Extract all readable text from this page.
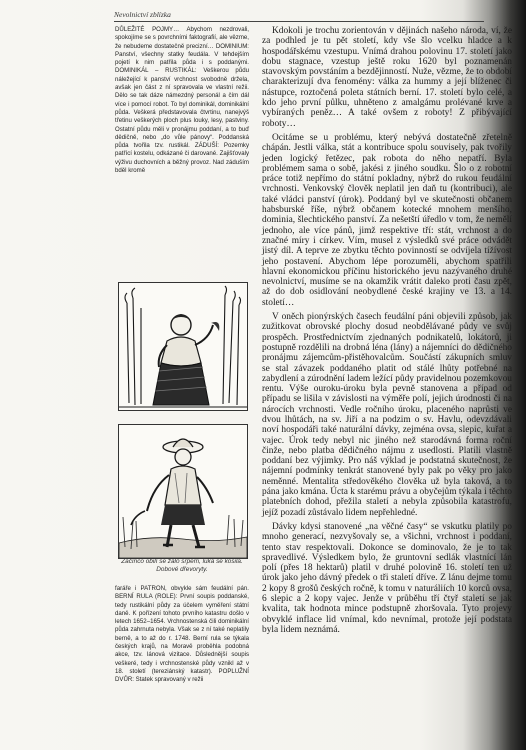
Nevolnictví zblízka

DŮLEŽITÉ POJMY… Abychom nezdrovali, spokojíme se s povrchními faktografií, ale vězme, že nebudeme dostatečně precizní… DOMINIUM: Panství, všechny statky feudála. V tehdejším pojetí k nim patřila půda i s poddanými. DOMINIKÁL – RUSTIKÁL: Veškerou půdu náležející k panství vrchnost svobodně držela, avšak jen část z ní spravovala ve vlastní režii. Dělo se tak dáze námezdný personál a čím dál více i pomocí robot. To byl dominikál, dominikální půda. Veškerá představovala čtvrtinu, nanejvýš třetinu veškerých ploch plus louky, lesy, pastviny. Ostatní půdu měli v pronájmu poddaní, a to buď dědičně, nebo „do vůle pánovy“. Poddanská půda tvořila tzv. rustikál. ZÁDUŠÍ: Pozemky patřící kostelu, odkázané či darované. Zajišťovaly výživu duchovních a běžný provoz. Nad záduším bděl kromě

Začínco obilí se žalo srpem, luka se kosila. Dobové dřevoryty.

faráře i PATRON, obvykle sám feudální pán. BERNÍ RULA (ROLE): První soupis poddanské, tedy rustikální půdy za účelem vyměření státní daně. K pořízení tohoto prvního katastru došlo v letech 1652–1654. Vrchnostenská čili dominikální půda zahrnuta nebyla. Však se z ní také neplatily berně, a to až do r. 1748. Berní rula se týkala českých krajů, na Moravě proběhla podobná akce, tzv. lánová vizitace. Důslednější soupis veškeré, tedy i vrchnostenské půdy vznikl až v 18. století (tereziánský katastr). POPLUŽNÍ DVŮR: Statek spravovaný v režii

Kdokoli je trochu zorientován v dějinách našeho národa, ví, že za podhled je tu pět století, kdy vše šlo vcelku hladce a k hospodářskému vzestupu. Vnímá drahou polovinu 17. století jako dobu stagnace, vzestup ještě roku 1620 byl poznamenán stavovským povstáním a bezdějinností. Nuže, vězme, že to období charakterizují dva fenomény: válka za hummy a její blíženec či nástupce, roztočená poleta státních berní. 17. století bylo celé, a kdo jeho první půlku, uhněteno z amalgámu prolévané krve a vybíraných peněz… A také ovšem z roboty! Z přibývající roboty…

Ocitáme se u problému, který nebývá dostatečně zřetelně chápán. Jestli válka, stát a kontribuce spolu souvisely, pak tvořily jeden logický řetězec, pak robota do něho nepatří. Byla problémem sama o sobě, jakési z jiného soudku. Šlo o z robotní práce totiž nepřímo do státní pokladny, nýbrž do rukou feudální vrchnosti. Venkovský člověk neplatil jen daň tu (kontribuci), ale také vládci panství (úrok). Poddaný byl ve skutečnosti občanem habsburské říše, nýbrž občanem kotecké mnohem menšího, dominia, šlechtického panství. Za nešetští úředlo v tom, že nemělí jednoho, ale více pánů, jimž respektive tří: stát, vrchnost a do značné míry i církev. Vím, musel z výsledků své práce odvádět jistý díl. A teprve ze zbytku těchto povinností se odvíjela tížívost jeho postavení. Abychom lépe porozuměli, abychom spatřili hlavní ekonomickou příčinu historického jevu nazývaného druhé nevolnictví, musíme se na okamžik vrátit daleko proti času zpět, až do dob osidlování neobydlené české krajiny ve 13. a 14. století…

V oněch pionýrských časech feudální páni objevili způsob, jak zužitkovat obrovské plochy dosud neobdělávané půdy ve svůj prospěch. Prostřednictvím zjednaných podnikatelů, lokátorů, ji postupně rozdělili na drobná léna (lány) a nájemníci do dědičného pronájmu zájemcům-přistěhovalcům. Součástí zákupních smluv se stal závazek poddaného platit od stálé lhůty potřebné na zabydlení a zúrodnění ladem ležící půdy pravidelnou pozemkovou rentu. Výše ouroku-úroku byla pevně stanovena a případ od případu se lišila v závislosti na výměře polí, jejich úrodnosti či na nárocích vrchnosti. Vedle ročního úroku, placeného naprůsti ve dvou lhůtách, na sv. Jiří a na podzim o sv. Havlu, odevzdávali noví hospodáři také naturální dávky, zejména ovsa, slepic, kuřat a vajec. Úrok tedy nebyl nic jiného než starodávná forma roční činže, nebo platba dědičného nájmu z usedlosti. Platili vlastně poddaní bez výjimky. Pro náš výklad je podstatná skutečnost, že nájemní podmínky tenkrát stanovené byly pak po věky pro jako neměnné. Mentalita středověkého člověka už byla taková, a to pána jako kmána. Úcta k starému právu a obyčejům týkala i těchto platebních dohod, přežila staletí a nebyla způsobila katastrofu, jejíž pozadí zůstávalo lidem nepřehledné.

Dávky kdysi stanovené „na věčné časy“ se vskutku platily po mnoho generací, nezvyšovaly se, a všichni, vrchnost i poddaní, tento stav respektovali. Dokonce se dominovalo, že je to tak spravedlivé. Výsledkem bylo, že gruntovní sedlák vlastnící lán polí (přes 18 hektarů) platil v druhé polovině 16. století ten už úrok jako jeho dávný předek o tři staletí dříve. Z lánu dejme tomu 2 kopy 8 grošů českých ročně, k tomu v naturáliích 10 korců ovsa, 6 slepic a 2 kopy vajec. Jenže v průběhu tří čtyř staletí se jak kvalita, tak hodnota mince podstupně zhoršovala. Tyto projevy obvyklé inflace lid vnímal, kdo nevnímal, protože její podstata byla lidem neznámá.
